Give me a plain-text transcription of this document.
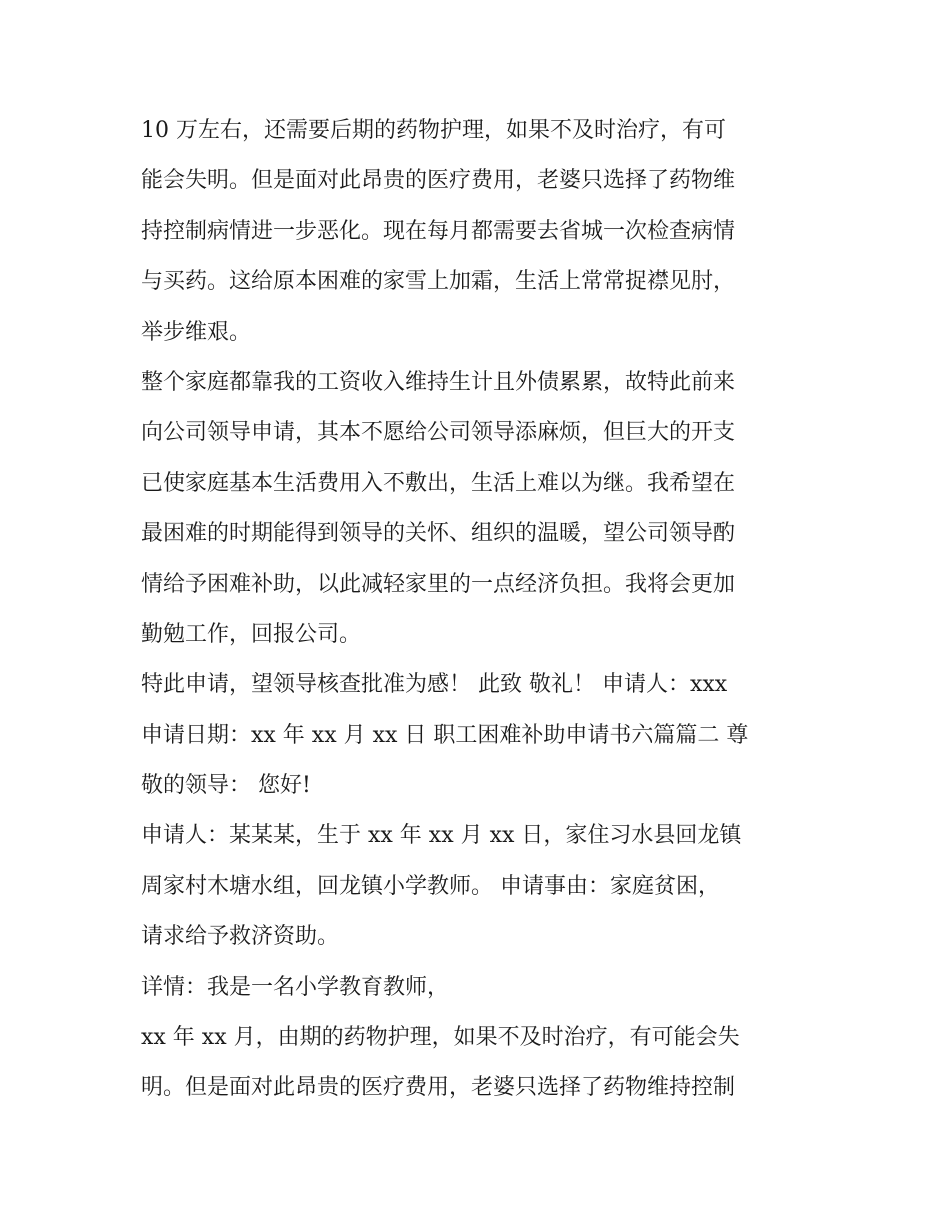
10 万左右，还需要后期的药物护理，如果不及时治疗，有可
能会失明。但是面对此昂贵的医疗费用，老婆只选择了药物维
持控制病情进一步恶化。现在每月都需要去省城一次检查病情
与买药。这给原本困难的家雪上加霜，生活上常常捉襟见肘，
举步维艰。
整个家庭都靠我的工资收入维持生计且外债累累，故特此前来
向公司领导申请，其本不愿给公司领导添麻烦，但巨大的开支
已使家庭基本生活费用入不敷出，生活上难以为继。我希望在
最困难的时期能得到领导的关怀、组织的温暖，望公司领导酌
情给予困难补助，以此减轻家里的一点经济负担。我将会更加
勤勉工作，回报公司。
特此申请，望领导核查批准为感！ 此致 敬礼！ 申请人：xxx
申请日期：xx 年 xx 月 xx 日 职工困难补助申请书六篇篇二 尊
敬的领导： 您好!
申请人：某某某，生于 xx 年 xx 月 xx 日，家住习水县回龙镇
周家村木塘水组，回龙镇小学教师。 申请事由：家庭贫困，
请求给予救济资助。
详情：我是一名小学教育教师，
xx 年 xx 月，由期的药物护理，如果不及时治疗，有可能会失
明。但是面对此昂贵的医疗费用，老婆只选择了药物维持控制
